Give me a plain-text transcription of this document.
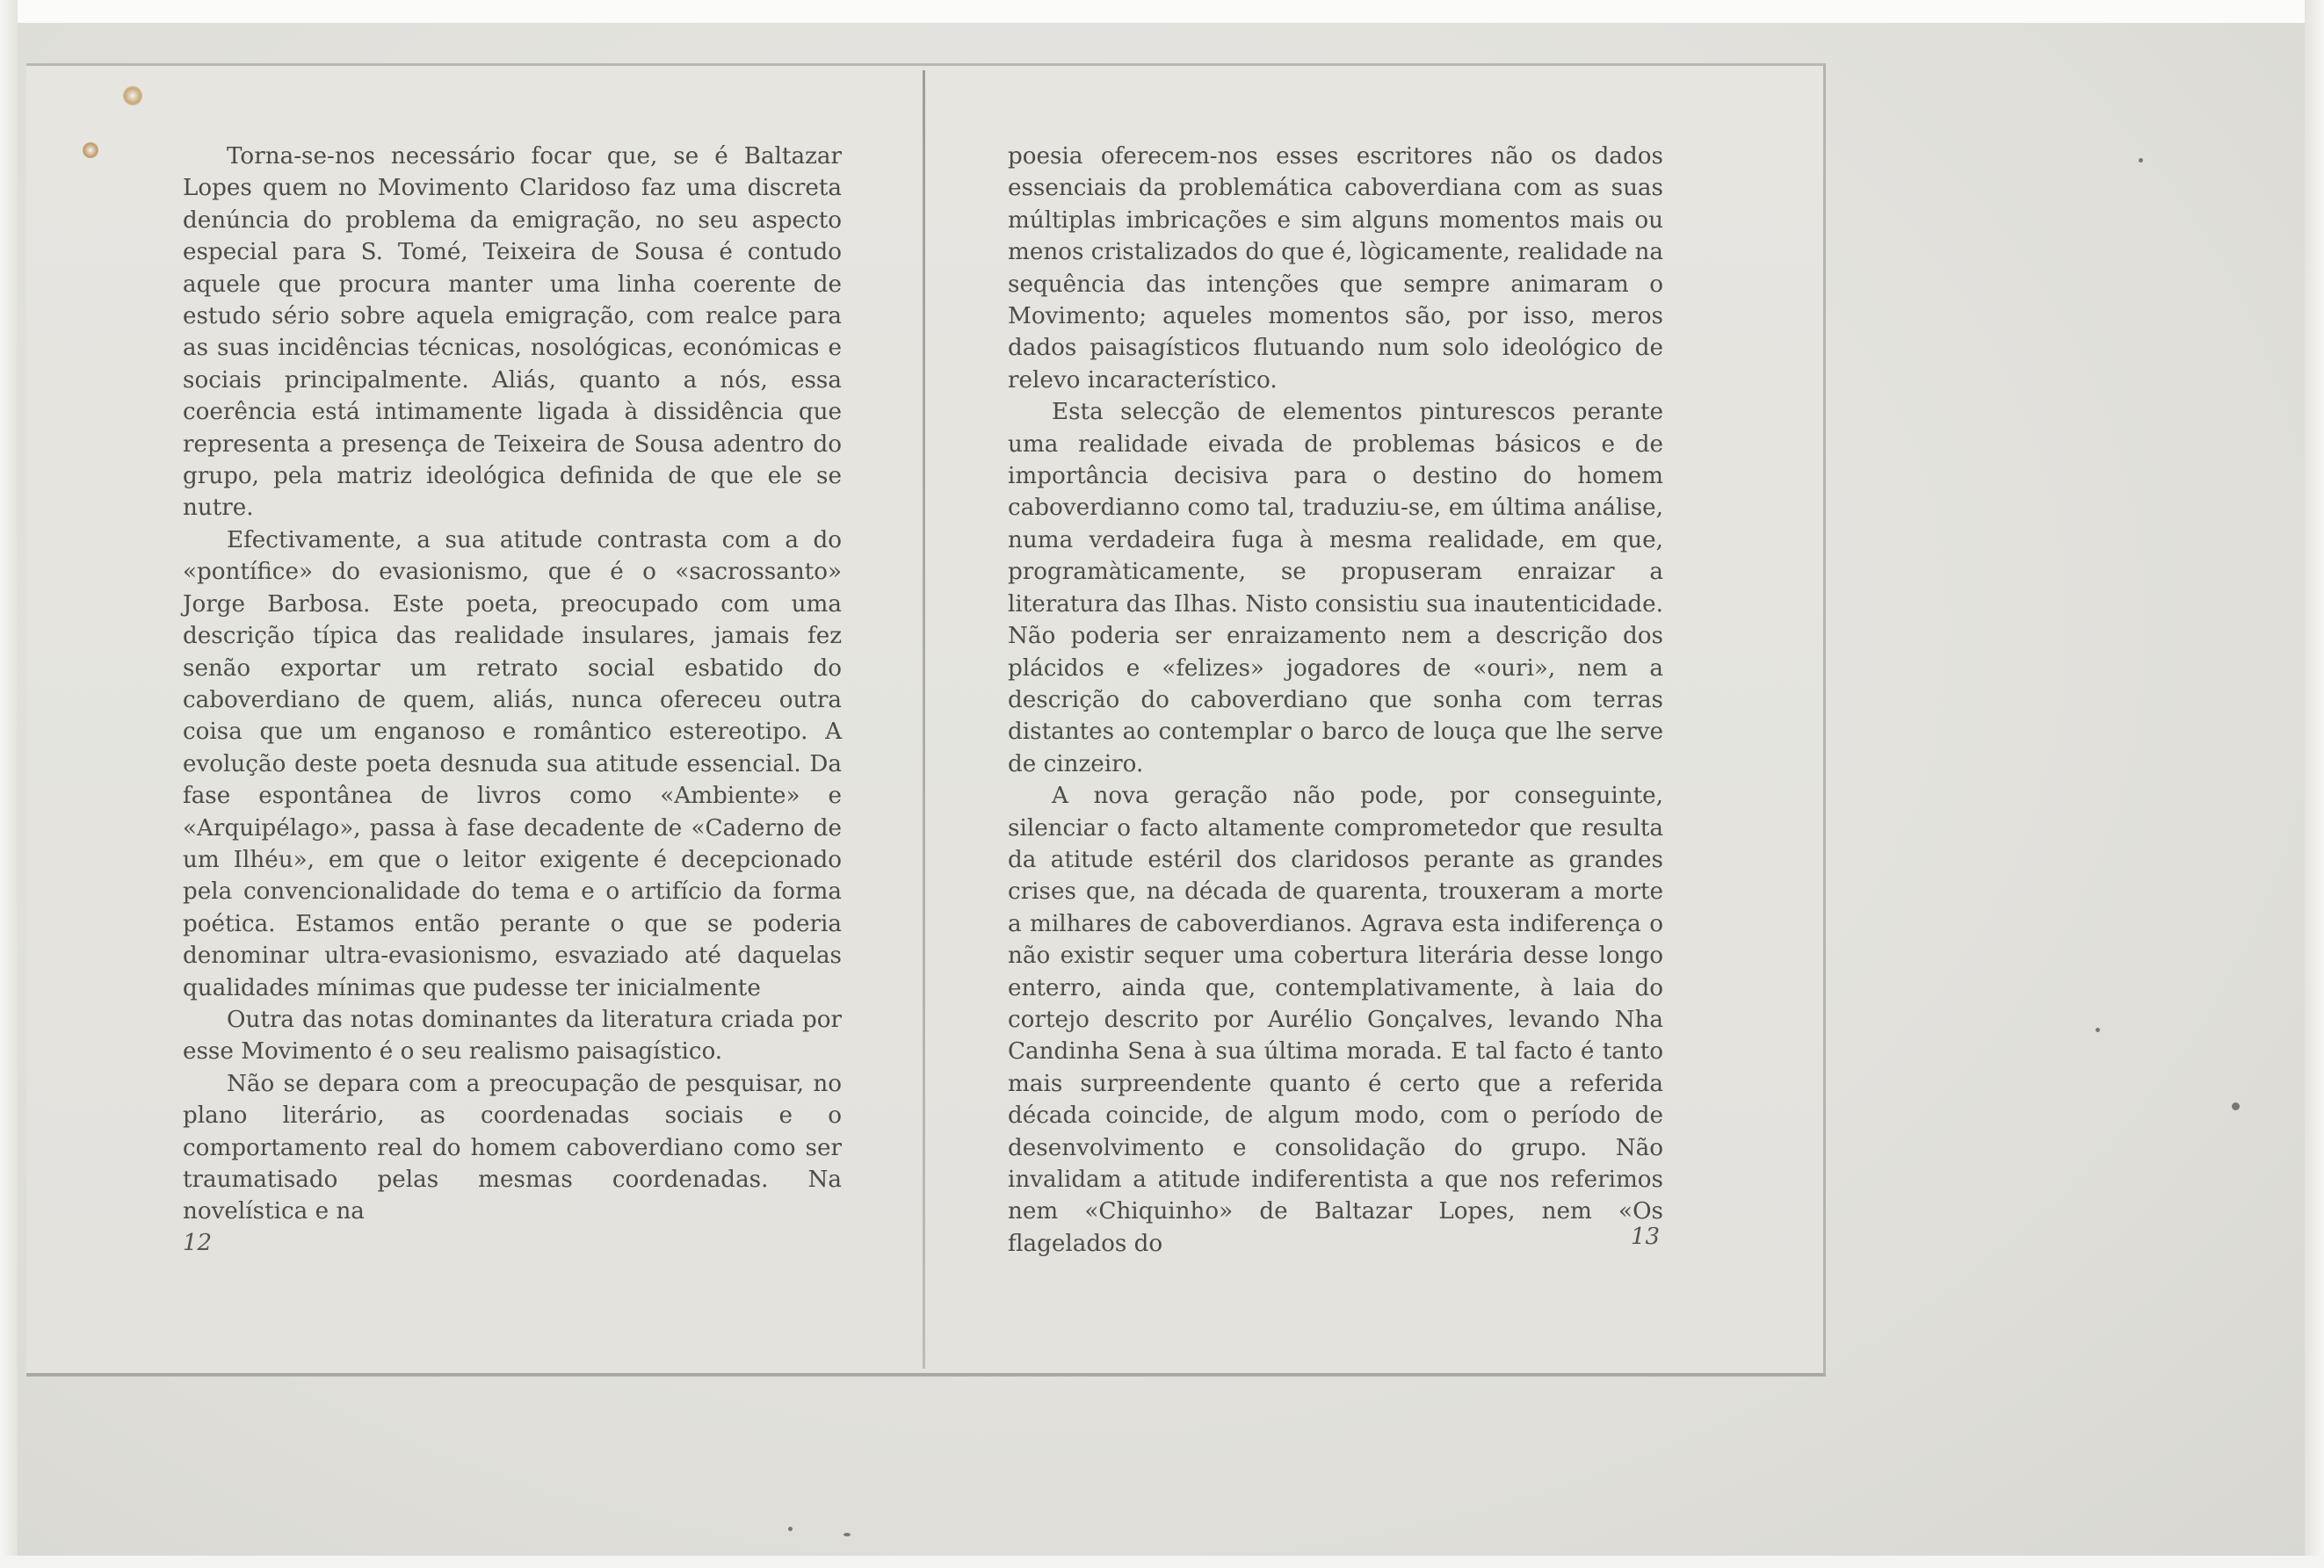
Torna-se-nos necessário focar que, se é Baltazar Lopes quem no Movimento Claridoso faz uma discreta denúncia do problema da emigração, no seu aspecto especial para S. Tomé, Teixeira de Sousa é contudo aquele que procura manter uma linha coerente de estudo sério sobre aquela emigração, com realce para as suas incidências técnicas, nosológicas, económicas e sociais principalmente. Aliás, quanto a nós, essa coerência está intimamente ligada à dissidência que representa a presença de Teixeira de Sousa adentro do grupo, pela matriz ideológica definida de que ele se nutre.

Efectivamente, a sua atitude contrasta com a do «pontífice» do evasionismo, que é o «sacrossanto» Jorge Barbosa. Este poeta, preocupado com uma descrição típica das realidade insulares, jamais fez senão exportar um retrato social esbatido do caboverdiano de quem, aliás, nunca ofereceu outra coisa que um enganoso e romântico estereotipo. A evolução deste poeta desnuda sua atitude essencial. Da fase espontânea de livros como «Ambiente» e «Arquipélago», passa à fase decadente de «Caderno de um Ilhéu», em que o leitor exigente é decepcionado pela convencionalidade do tema e o artifício da forma poética. Estamos então perante o que se poderia denominar ultra-evasionismo, esvaziado até daquelas qualidades mínimas que pudesse ter inicialmente

Outra das notas dominantes da literatura criada por esse Movimento é o seu realismo paisagístico.

Não se depara com a preocupação de pesquisar, no plano literário, as coordenadas sociais e o comportamento real do homem caboverdiano como ser traumatisado pelas mesmas coordenadas. Na novelística e na

poesia oferecem-nos esses escritores não os dados essenciais da problemática caboverdiana com as suas múltiplas imbricações e sim alguns momentos mais ou menos cristalizados do que é, lògicamente, realidade na sequência das intenções que sempre animaram o Movimento; aqueles momentos são, por isso, meros dados paisagísticos flutuando num solo ideológico de relevo incaracterístico.

Esta selecção de elementos pinturescos perante uma realidade eivada de problemas básicos e de importância decisiva para o destino do homem caboverdianno como tal, traduziu-se, em última análise, numa verdadeira fuga à mesma realidade, em que, programàticamente, se propuseram enraizar a literatura das Ilhas. Nisto consistiu sua inautenticidade. Não poderia ser enraizamento nem a descrição dos plácidos e «felizes» jogadores de «ouri», nem a descrição do caboverdiano que sonha com terras distantes ao contemplar o barco de louça que lhe serve de cinzeiro.

A nova geração não pode, por conseguinte, silenciar o facto altamente comprometedor que resulta da atitude estéril dos claridosos perante as grandes crises que, na década de quarenta, trouxeram a morte a milhares de caboverdianos. Agrava esta indiferença o não existir sequer uma cobertura literária desse longo enterro, ainda que, contemplativamente, à laia do cortejo descrito por Aurélio Gonçalves, levando Nha Candinha Sena à sua última morada. E tal facto é tanto mais surpreendente quanto é certo que a referida década coincide, de algum modo, com o período de desenvolvimento e consolidação do grupo. Não invalidam a atitude indiferentista a que nos referimos nem «Chiquinho» de Baltazar Lopes, nem «Os flagelados do

12	13
